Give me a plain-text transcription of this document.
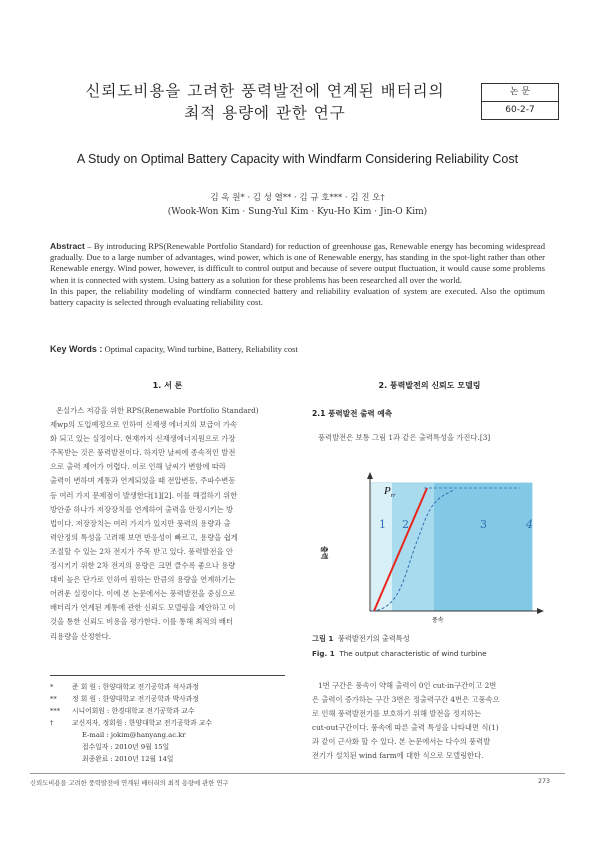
신뢰도비용을 고려한 풍력발전에 연계된 배터리의
최적 용량에 관한 연구
논 문
60-2-7
A Study on Optimal Battery Capacity with Windfarm Considering Reliability Cost
김 옥 원* · 김 성 열** · 김 규 호*** · 김 진 오†
(Wook-Won Kim · Sung-Yul Kim · Kyu-Ho Kim · Jin-O Kim)
Abstract – By introducing RPS(Renewable Portfolio Standard) for reduction of greenhouse gas, Renewable energy has becoming widespread gradually. Due to a large number of advantages, wind power, which is one of Renewable energy, has standing in the spot-light rather than other Renewable energy. Wind power, however, is difficult to control output and because of severe output fluctuation, it would cause some problems when it is connected with system. Using battery as a solution for these problems has been researched all over the world.
In this paper, the reliability modeling of windfarm connected battery and reliability evaluation of system are executed. Also the optimum battery capacity is selected through evaluating reliability cost.
Key Words : Optimal capacity, Wind turbine, Battery, Reliability cost
1. 서 론
온실가스 저감을 위한 RPS(Renewable Portfolio Standard)
제wp의 도입예정으로 인하여 신재생 에너지의 보급이 가속
화 되고 있는 실정이다. 현재까지 신재생에너지원으로 가장
주목받는 것은 풍력발전이다. 하지만 날씨에 종속적인 발전
으로 출력 제어가 어렵다. 이로 인해 날씨가 변함에 따라
출력이 변하며 계통과 연계되었을 때 전압변동, 주파수변동
등 여러 가지 문제점이 발생한다[1][2]. 이를 해결하기 위한
방안중 하나가 저장장치를 연계하여 출력을 안정시키는 방
법이다. 저장장치는 여러 가지가 있지만 풍력의 용량과 출
력안정의 특성을 고려해 보면 반응성이 빠르고, 용량을 쉽게
조절할 수 있는 2차 전지가 주목 받고 있다. 풍력발전을 안
정시키기 위한 2차 전지의 용량은 크면 클수록 좋으나 용량
대비 높은 단가로 인하여 원하는 만큼의 용량을 연계하기는
어려운 실정이다. 이에 본 논문에서는 풍력발전을 중심으로
배터리가 연계된 계통에 관한 신뢰도 모델링을 제안하고 이
것을 통한 신뢰도 비용을 평가한다. 이를 통해 최적의 배터
리용량을 산정한다.
2. 풍력발전의 신뢰도 모델링
2.1 풍력발전 출력 예측
풍력발전은 보통 그림 1과 같은 출력특성을 가진다.[3]
1 2	3	4
$P_{rr}$
출력
풍속
그림 1 풍력발전기의 출력특성
Fig. 1 The output characteristic of wind turbine
1번 구간은 풍속이 약해 출력이 0인 cut-in구간이고 2번
은 출력이 증가하는 구간 3번은 정출력구간 4번은 고풍속으
로 인해 풍력발전기를 보호하기 위해 발전을 정지하는
cut-out구간이다. 풍속에 따른 출력 특성을 나타내면 식(1)
과 같이 근사화 할 수 있다. 본 논문에서는 다수의 풍력발
전기가 설치된 wind farm에 대한 식으로 모델링한다.
*	준 회 원 : 한양대학교 전기공학과 석사과정
**	정 회 원 : 한양대학교 전기공학과 박사과정
***	시니어회원 : 한경대학교 전기공학과 교수
†	교신저자, 정회원 : 한양대학교 전기공학과 교수
E-mail : jokim@hanyang.ac.kr
접수일자 : 2010년 9월 15일
최종완료 : 2010년 12월 14일
신뢰도비용을 고려한 풍력발전에 연계된 배터리의 최적 용량에 관한 연구	273
